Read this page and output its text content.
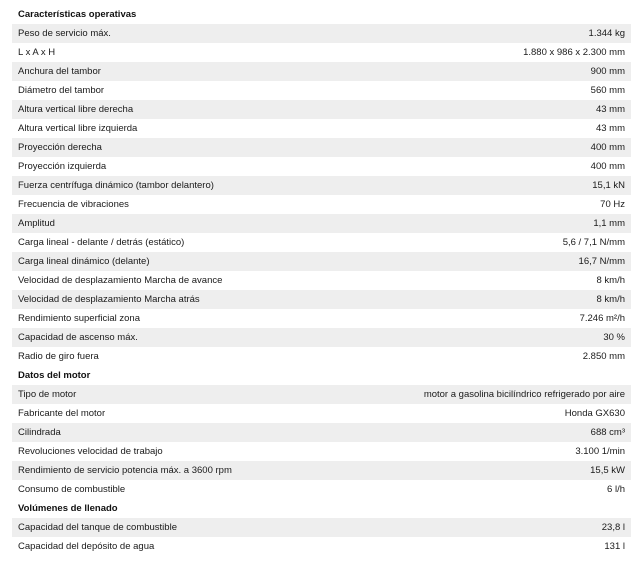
Características operativas
Peso de servicio máx.	1.344 kg
L x A x H	1.880 x 986 x 2.300 mm
Anchura del tambor	900 mm
Diámetro del tambor	560 mm
Altura vertical libre derecha	43 mm
Altura vertical libre izquierda	43 mm
Proyección derecha	400 mm
Proyección izquierda	400 mm
Fuerza centrífuga dinámico (tambor delantero)	15,1 kN
Frecuencia de vibraciones	70 Hz
Amplitud	1,1 mm
Carga lineal - delante / detrás (estático)	5,6 / 7,1 N/mm
Carga lineal dinámico (delante)	16,7 N/mm
Velocidad de desplazamiento Marcha de avance	8 km/h
Velocidad de desplazamiento Marcha atrás	8 km/h
Rendimiento superficial zona	7.246 m²/h
Capacidad de ascenso máx.	30 %
Radio de giro fuera	2.850 mm
Datos del motor
Tipo de motor	motor a gasolina bicilíndrico refrigerado por aire
Fabricante del motor	Honda GX630
Cilindrada	688 cm³
Revoluciones velocidad de trabajo	3.100 1/min
Rendimiento de servicio potencia máx. a 3600 rpm	15,5 kW
Consumo de combustible	6 l/h
Volúmenes de llenado
Capacidad del tanque de combustible	23,8 l
Capacidad del depósito de agua	131 l
